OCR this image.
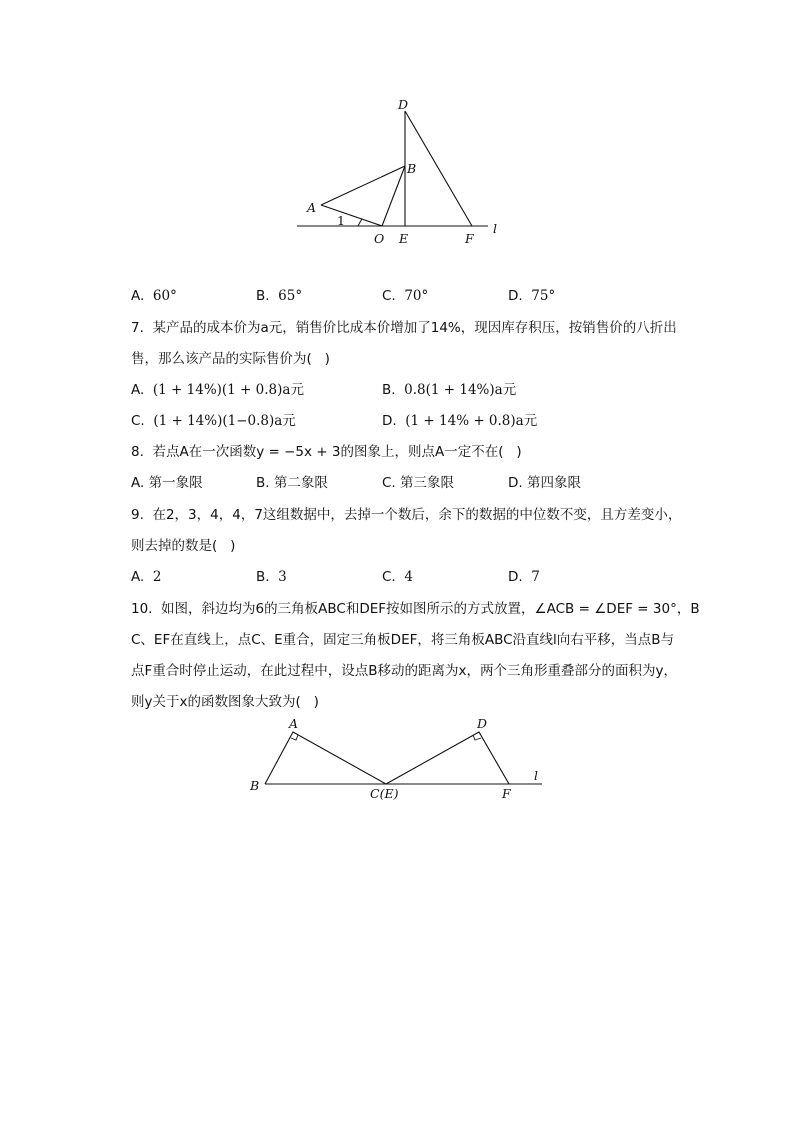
D
B
A
1
O E	F
l
A. 60°	B. 65°	C. 70°	D. 75°
7.  某产品的成本价为a元，销售价比成本价增加了14%，现因库存积压，按销售价的八折出
售，那么该产品的实际售价为(   )
A. (1 + 14%)(1 + 0.8)a元	B. 0.8(1 + 14%)a元
C. (1 + 14%)(1−0.8)a元	D. (1 + 14% + 0.8)a元
8.  若点A在一次函数y = −5x + 3的图象上，则点A一定不在(   )
A. 第一象限	B. 第二象限	C. 第三象限	D. 第四象限
9.  在2，3，4，4，7这组数据中，去掉一个数后，余下的数据的中位数不变，且方差变小，
则去掉的数是(   )
A. 2	B. 3	C. 4	D. 7
10.  如图，斜边均为6的三角板ABC和DEF按如图所示的方式放置，∠ACB = ∠DEF = 30°，B
C、EF在直线上，点C、E重合，固定三角板DEF，将三角板ABC沿直线l向右平移，当点B与
点F重合时停止运动，在此过程中，设点B移动的距离为x，两个三角形重叠部分的面积为y，
则y关于x的函数图象大致为(   )
A	D
B
C(E)	F
l
